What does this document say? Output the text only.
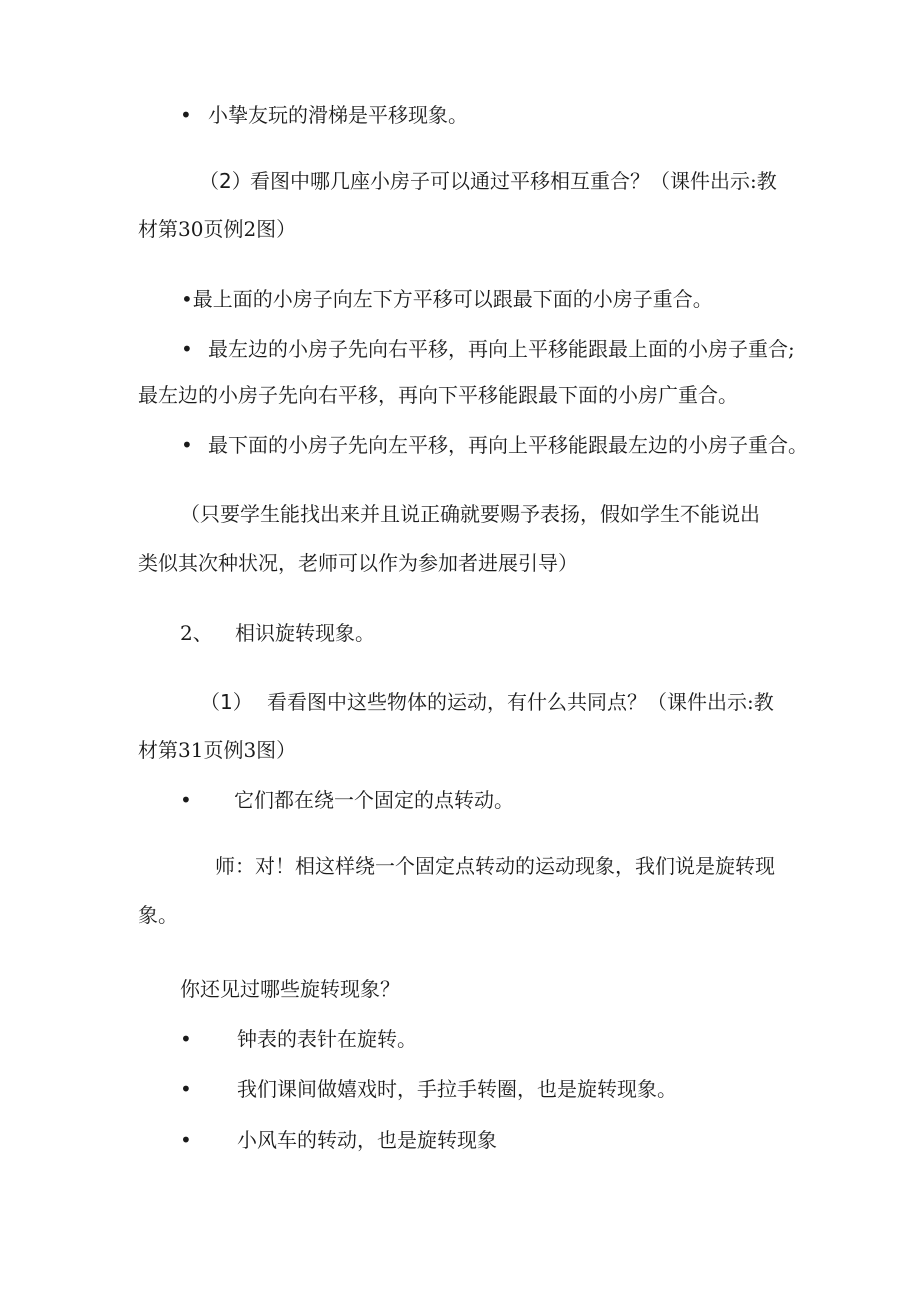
• 小挚友玩的滑梯是平移现象。
（2）
看图中哪几座小房子可以通过平移相互重合？（课件出示:教
材第30页例2图）
•最上面的小房子向左下方平移可以跟最下面的小房子重合。
• 最左边的小房子先向右平移，再向上平移能跟最上面的小房子重合;
最左边的小房子先向右平移，再向下平移能跟最下面的小房广重合。
• 最下面的小房子先向左平移，再向上平移能跟最左边的小房子重合。
（只要学生能找出来并且说正确就要赐予表扬，假如学生不能说出
类似其次种状况，老师可以作为参加者进展引导）
2、 相识旋转现象。
（1） 看看图中这些物体的运动，有什么共同点？（课件出示:教
材第31页例3图）
• 它们都在绕一个固定的点转动。
师：对！相这样绕一个固定点转动的运动现象，我们说是旋转现
象。
你还见过哪些旋转现象？
• 钟表的表针在旋转。
• 我们课间做嬉戏时，手拉手转圈，也是旋转现象。
• 小风车的转动，也是旋转现象
